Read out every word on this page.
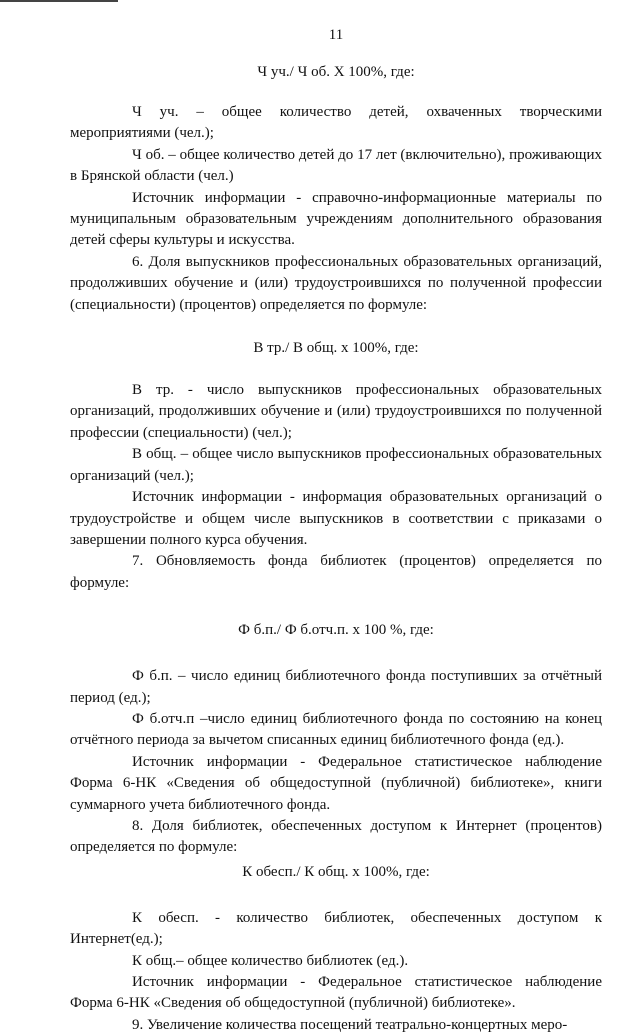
11
Ч уч./ Ч об. Х 100%, где:

Ч уч. – общее количество детей, охваченных творческими мероприятиями (чел.);

Ч об. – общее количество детей до 17 лет (включительно), проживающих в Брянской области (чел.)

Источник информации - справочно-информационные материалы по муниципальным образовательным учреждениям дополнительного образования детей сферы культуры и искусства.

6. Доля выпускников профессиональных образовательных организаций, продолживших обучение и (или) трудоустроившихся по полученной профессии (специальности) (процентов) определяется по формуле:

В тр./ В общ. х 100%, где:

В тр. - число выпускников профессиональных образовательных организаций, продолживших обучение и (или) трудоустроившихся по полученной профессии (специальности) (чел.);

В общ. – общее число выпускников профессиональных образовательных организаций (чел.);

Источник информации - информация образовательных организаций о трудоустройстве и общем числе выпускников в соответствии с приказами о завершении полного курса обучения.

7. Обновляемость фонда библиотек (процентов) определяется по формуле:

Ф б.п./ Ф б.отч.п. х 100 %, где:

Ф б.п. – число единиц библиотечного фонда поступивших за отчётный период (ед.);

Ф б.отч.п –число единиц библиотечного фонда по состоянию на конец отчётного периода за вычетом списанных единиц библиотечного фонда (ед.).

Источник информации - Федеральное статистическое наблюдение Форма 6-НК «Сведения об общедоступной (публичной) библиотеке», книги суммарного учета библиотечного фонда.

8. Доля библиотек, обеспеченных доступом к Интернет (процентов) определяется по формуле:

К обесп./ К общ. х 100%, где:

К обесп. - количество библиотек, обеспеченных доступом к Интернет(ед.);

К общ.– общее количество библиотек (ед.).

Источник информации - Федеральное статистическое наблюдение Форма 6-НК «Сведения об общедоступной (публичной) библиотеке».

9. Увеличение количества посещений театрально-концертных меро-
